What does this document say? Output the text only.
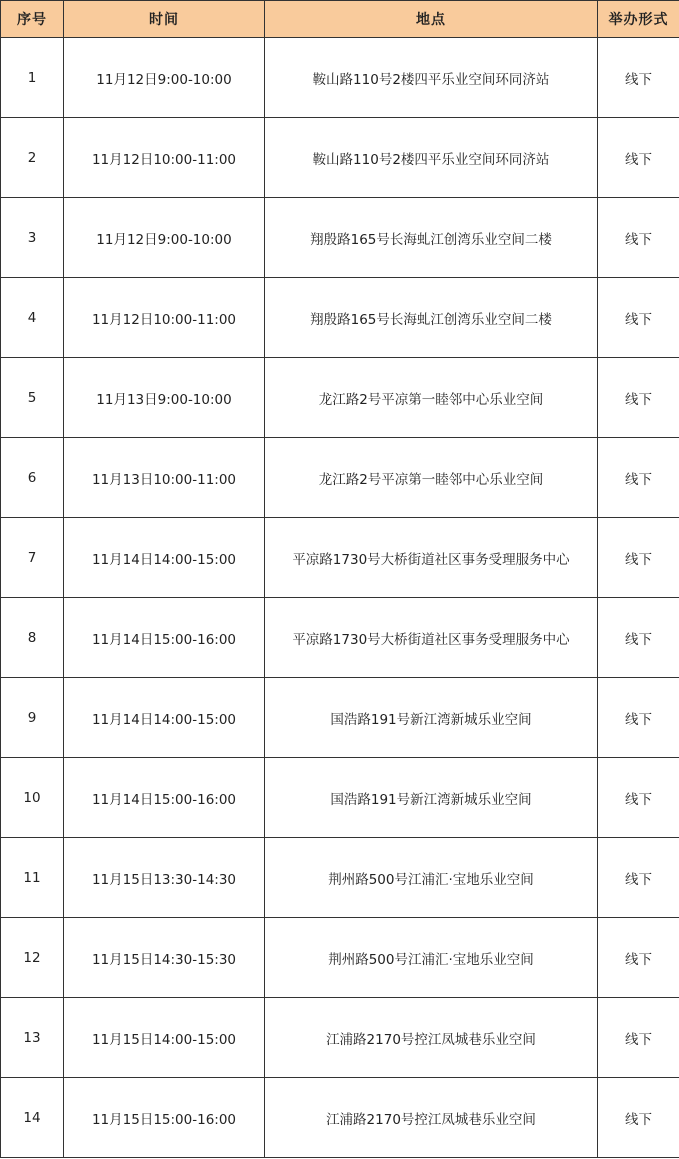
序号	时间	地点	举办形式
1	11月12日9:00-10:00	鞍山路110号2楼四平乐业空间环同济站	线下
2	11月12日10:00-11:00	鞍山路110号2楼四平乐业空间环同济站	线下
3	11月12日9:00-10:00	翔殷路165号长海虬江创湾乐业空间二楼	线下
4	11月12日10:00-11:00	翔殷路165号长海虬江创湾乐业空间二楼	线下
5	11月13日9:00-10:00	龙江路2号平凉第一睦邻中心乐业空间	线下
6	11月13日10:00-11:00	龙江路2号平凉第一睦邻中心乐业空间	线下
7	11月14日14:00-15:00	平凉路1730号大桥街道社区事务受理服务中心	线下
8	11月14日15:00-16:00	平凉路1730号大桥街道社区事务受理服务中心	线下
9	11月14日14:00-15:00	国浩路191号新江湾新城乐业空间	线下
10	11月14日15:00-16:00	国浩路191号新江湾新城乐业空间	线下
11	11月15日13:30-14:30	荆州路500号江浦汇·宝地乐业空间	线下
12	11月15日14:30-15:30	荆州路500号江浦汇·宝地乐业空间	线下
13	11月15日14:00-15:00	江浦路2170号控江凤城巷乐业空间	线下
14	11月15日15:00-16:00	江浦路2170号控江凤城巷乐业空间	线下
